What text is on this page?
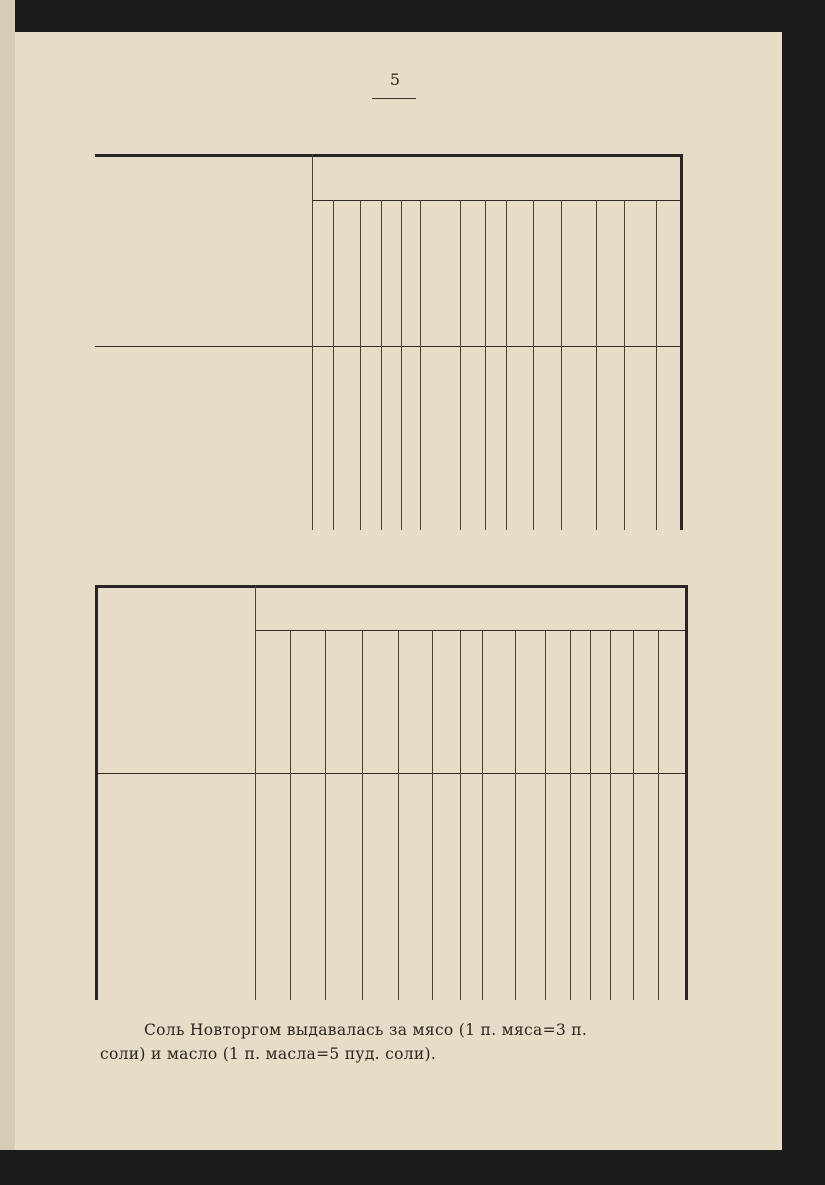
5
Соль Новторгом выдавалась за мясо (1 п. мяса=3 п.
соли) и масло (1 п. масла=5 пуд. соли).
